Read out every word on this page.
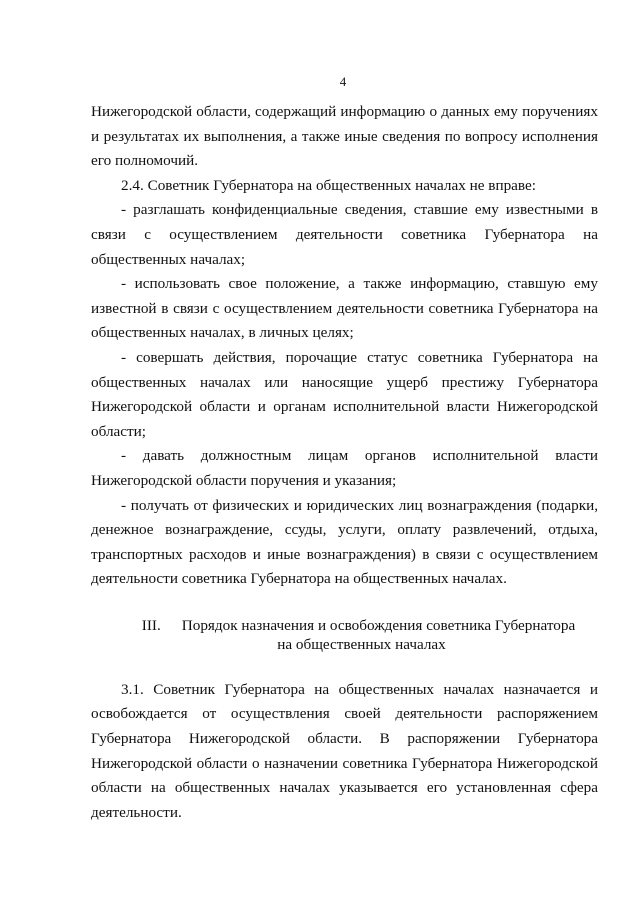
4

Нижегородской области, содержащий информацию о данных ему поручениях и результатах их выполнения, а также иные сведения по вопросу исполнения его полномочий.

2.4. Советник Губернатора на общественных началах не вправе:

- разглашать конфиденциальные сведения, ставшие ему известными в связи с осуществлением деятельности советника Губернатора на общественных началах;

- использовать свое положение, а также информацию, ставшую ему известной в связи с осуществлением деятельности советника Губернатора на общественных началах, в личных целях;

- совершать действия, порочащие статус советника Губернатора на общественных началах или наносящие ущерб престижу Губернатора Нижегородской области и органам исполнительной власти Нижегородской области;

- давать должностным лицам органов исполнительной власти Нижегородской области поручения и указания;

- получать от физических и юридических лиц вознаграждения (подарки, денежное вознаграждение, ссуды, услуги, оплату развлечений, отдыха, транспортных расходов и иные вознаграждения) в связи с осуществлением деятельности советника Губернатора на общественных началах.

III. Порядок назначения и освобождения советника Губернатора
на общественных началах

3.1. Советник Губернатора на общественных началах назначается и освобождается от осуществления своей деятельности распоряжением Губернатора Нижегородской области. В распоряжении Губернатора Нижегородской области о назначении советника Губернатора Нижегородской области на общественных началах указывается его установленная сфера деятельности.
